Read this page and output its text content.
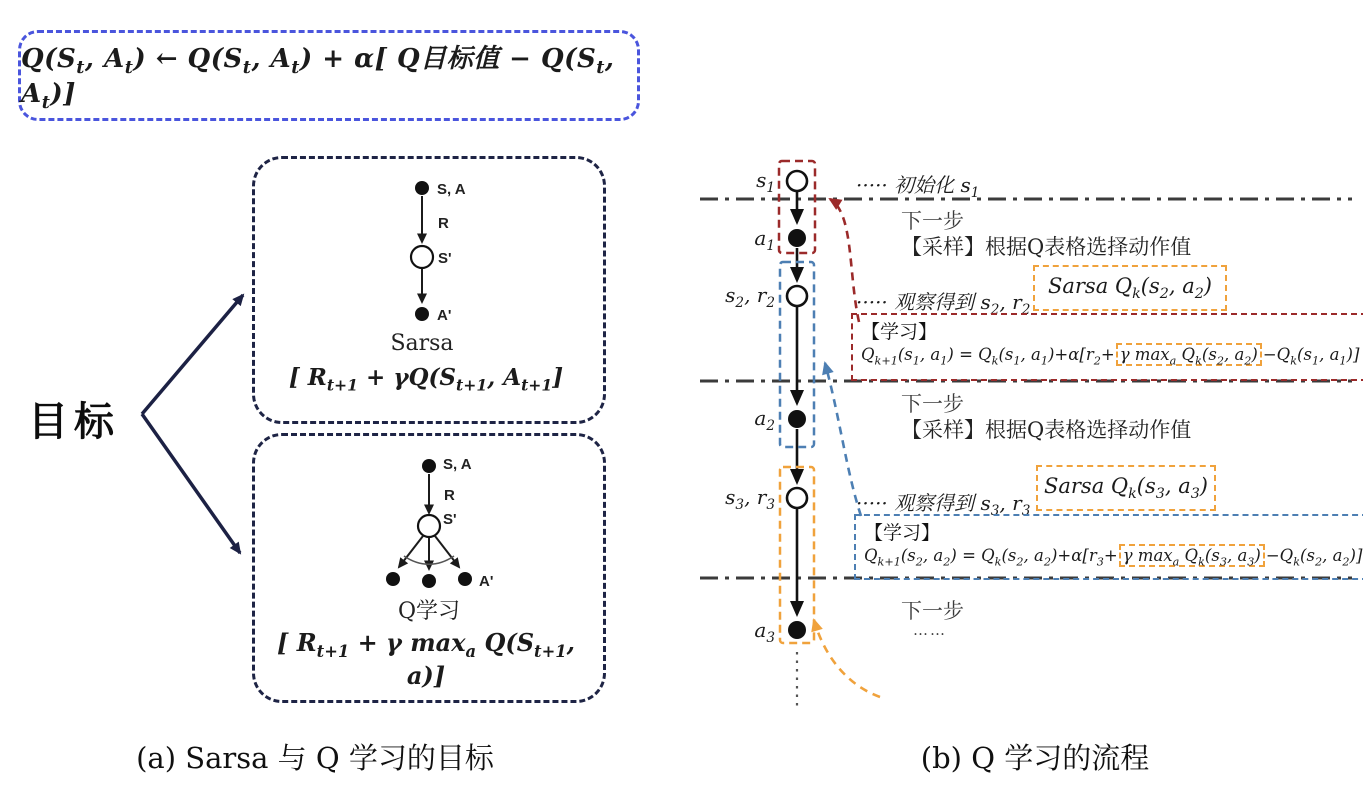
S, A
R
S'
A'
S, A
R
S'
A'
$Q(S_t$, $A_t$) ← $Q(S_t$, $A_t) + \alpha$[ Q目标值 − $Q(S_t$, $A_t$)]
目标
Sarsa
[ $R_{t+1} + \gamma Q(S_{t+1}$, $A_{t+1}$]
Q学习
[ $R_{t+1} + \gamma$ $\max_a Q(S_{t+1}$, a)]
(a) Sarsa 与 Q 学习的目标	(b) Q 学习的流程
$s_1$
$a_1$
$s_2$, $r_2$
$a_2$
$s_3$, $r_3$
$a_3$
····· 初始化 $s_1$
下一步
【采样】根据Q表格选择动作值
Sarsa $Q_k(s_2$, $a_2$)
····· 观察得到 $s_2$, $r_2$
【学习】
$Q_{k+1}(s_1$, $a_1) = Q_k(s_1$, $a_1)+\alpha[r_2+ \gamma$ $\max_a Q_k(s_2$, $a_2) -Q_k(s_1$, $a_1$)]
下一步
【采样】根据Q表格选择动作值
Sarsa $Q_k(s_3$, $a_3$)
····· 观察得到 $s_3$, $r_3$
【学习】
$Q_{k+1}(s_2$, $a_2) = Q_k(s_2$, $a_2)+\alpha[r_3+ \gamma$ $\max_a Q_k(s_3$, $a_3) -Q_k(s_2$, $a_2$)]
下一步
……
